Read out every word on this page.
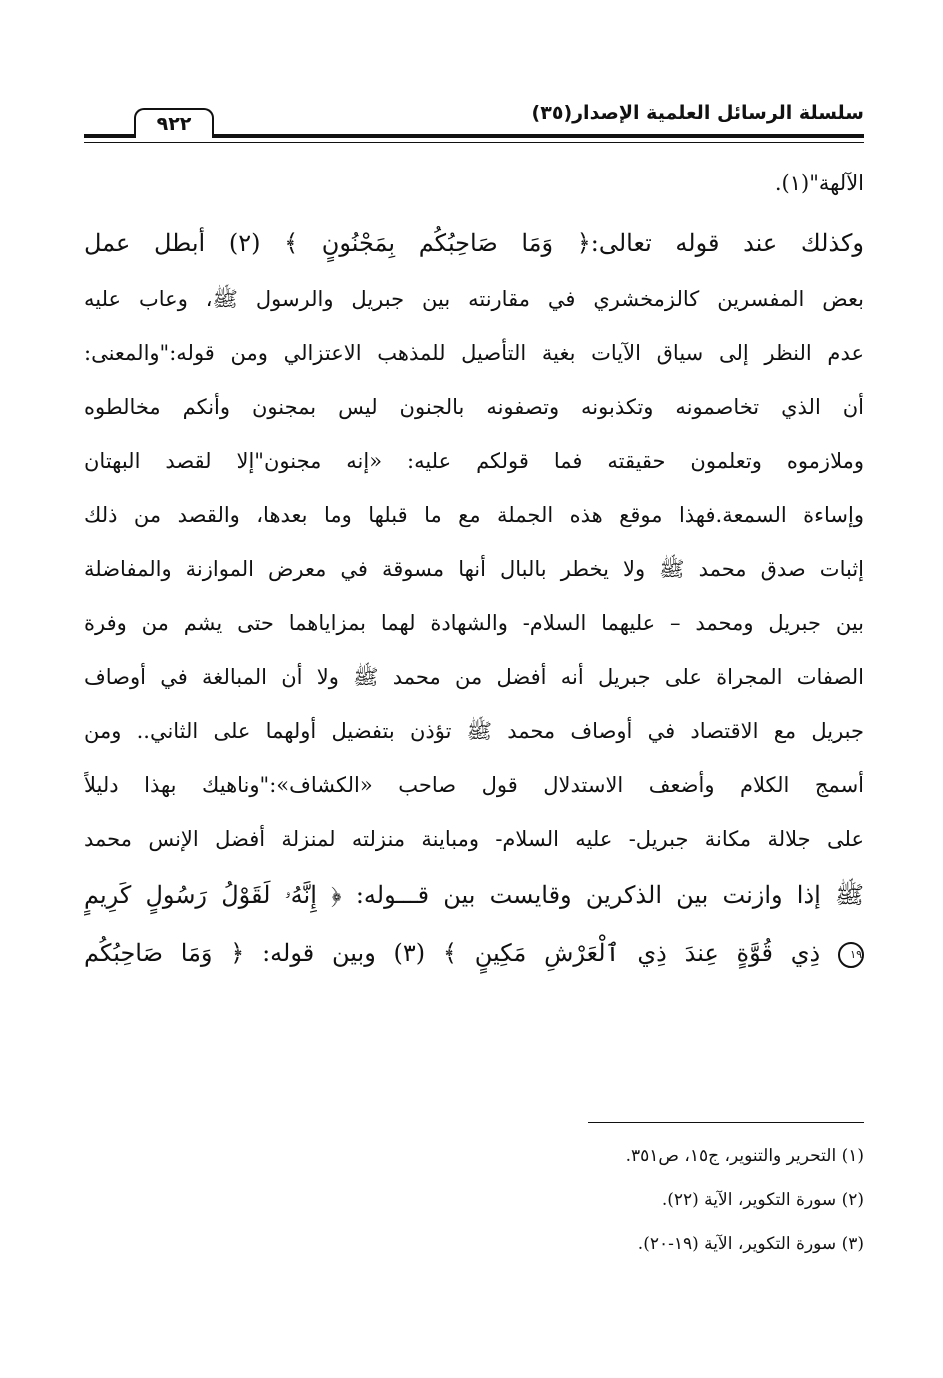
سلسلة الرسائل العلمية الإصدار(٣٥)
٩٢٢
الآلهة"(١).
وكذلك عند قوله تعالى:﴿ وَمَا صَاحِبُكُم بِمَجْنُونٍ ﴾ (٢) أبطل عمل
بعض المفسرين كالزمخشري في مقارنته بين جبريل والرسول ﷺ، وعاب عليه
عدم النظر إلى سياق الآيات بغية التأصيل للمذهب الاعتزالي ومن قوله:"والمعنى:
أن الذي تخاصمونه وتكذبونه وتصفونه بالجنون ليس بمجنون وأنكم مخالطوه
وملازموه وتعلمون حقيقته فما قولكم عليه: «إنه مجنون"إلا لقصد البهتان
وإساءة السمعة.فهذا موقع هذه الجملة مع ما قبلها وما بعدها، والقصد من ذلك
إثبات صدق محمد ﷺ ولا يخطر بالبال أنها مسوقة في معرض الموازنة والمفاضلة
بين جبريل ومحمد – عليهما السلام- والشهادة لهما بمزاياهما حتى يشم من وفرة
الصفات المجراة على جبريل أنه أفضل من محمد ﷺ ولا أن المبالغة في أوصاف
جبريل مع الاقتصاد في أوصاف محمد ﷺ تؤذن بتفضيل أولهما على الثاني.. ومن
أسمج الكلام وأضعف الاستدلال قول صاحب «الكشاف»:"وناهيك بهذا دليلاً
على جلالة مكانة جبريل- عليه السلام- ومباينة منزلته لمنزلة أفضل الإنس محمد
ﷺ إذا وازنت بين الذكرين وقايست بين قـــوله: ﴿ إِنَّهُۥ لَقَوْلُ رَسُولٍ كَرِيمٍ
١٩ ذِي قُوَّةٍ عِندَ ذِي ٱلْعَرْشِ مَكِينٍ ﴾ (٣) وبين قوله: ﴿ وَمَا صَاحِبُكُم
(١) التحرير والتنوير، ج١٥، ص٣٥١.
(٢) سورة التكوير، الآية (٢٢).
(٣) سورة التكوير، الآية (١٩-٢٠).
